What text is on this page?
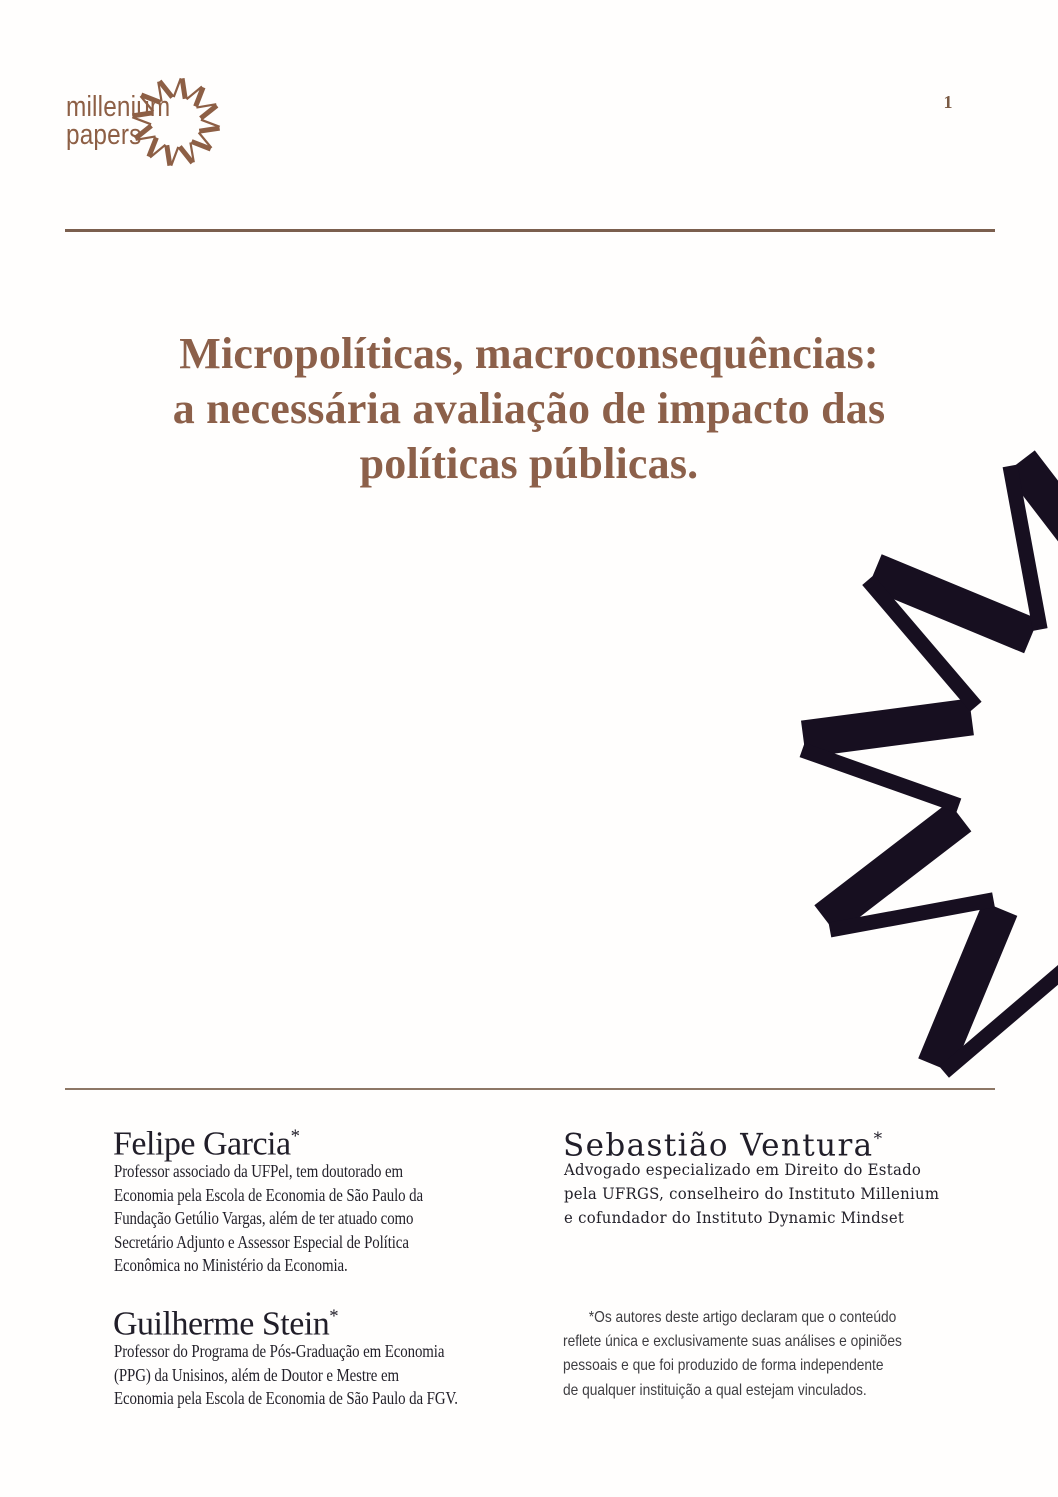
millenium
papers
1
Micropolíticas, macroconsequências:
a necessária avaliação de impacto das
políticas públicas.
Felipe Garcia*
Professor associado da UFPel, tem doutorado em
Economia pela Escola de Economia de São Paulo da
Fundação Getúlio Vargas, além de ter atuado como
Secretário Adjunto e Assessor Especial de Política
Econômica no Ministério da Economia.
Guilherme Stein*
Professor do Programa de Pós-Graduação em Economia
(PPG) da Unisinos, além de Doutor e Mestre em
Economia pela Escola de Economia de São Paulo da FGV.
Sebastião Ventura*
Advogado especializado em Direito do Estado
pela UFRGS, conselheiro do Instituto Millenium
e cofundador do Instituto Dynamic Mindset
*Os autores deste artigo declaram que o conteúdo
reflete única e exclusivamente suas análises e opiniões
pessoais e que foi produzido de forma independente
de qualquer instituição a qual estejam vinculados.
